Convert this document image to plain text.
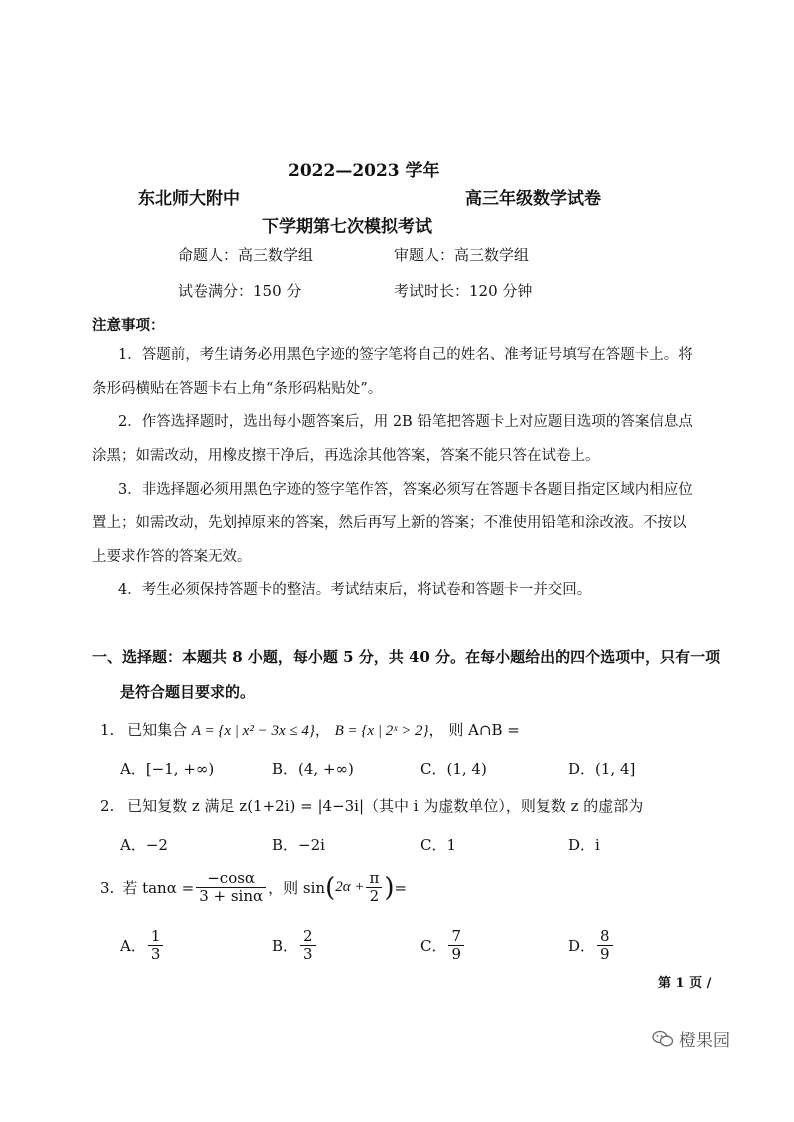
2022—2023 学年
东北师大附中	高三年级数学试卷
下学期第七次模拟考试
命题人：高三数学组	审题人：高三数学组
试卷满分：150 分	考试时长：120 分钟
注意事项：
1．答题前，考生请务必用黑色字迹的签字笔将自己的姓名、准考证号填写在答题卡上。将
条形码横贴在答题卡右上角“条形码粘贴处”。
2．作答选择题时，选出每小题答案后，用 2B 铅笔把答题卡上对应题目选项的答案信息点
涂黑；如需改动，用橡皮擦干净后，再选涂其他答案，答案不能只答在试卷上。
3．非选择题必须用黑色字迹的签字笔作答，答案必须写在答题卡各题目指定区域内相应位
置上；如需改动，先划掉原来的答案，然后再写上新的答案；不准使用铅笔和涂改液。不按以
上要求作答的答案无效。
4．考生必须保持答题卡的整洁。考试结束后，将试卷和答题卡一并交回。
一、选择题：本题共 8 小题，每小题 5 分，共 40 分。在每小题给出的四个选项中，只有一项
是符合题目要求的。
1. 已知集合 A = {x | x² − 3x ≤ 4}， B = {x | 2ˣ > 2}， 则 A∩B =
A．[−1, +∞)	B．(4, +∞)	C．(1, 4)	D．(1, 4]
2. 已知复数 z 满足 z(1+2i) = |4−3i|（其中 i 为虚数单位），则复数 z 的虚部为
A．−2	B．−2i	C．1	D．i
3. 若 $\tan\alpha = \frac{-\cos\alpha}{3 + \sin\alpha}$ ，则 sin ( $2\alpha + \frac{\pi}{2}$ ) =
A． $\frac{1}{3}$	B． $\frac{2}{3}$	C． $\frac{7}{9}$	D． $\frac{8}{9}$
第 1 页 /
橙果园
